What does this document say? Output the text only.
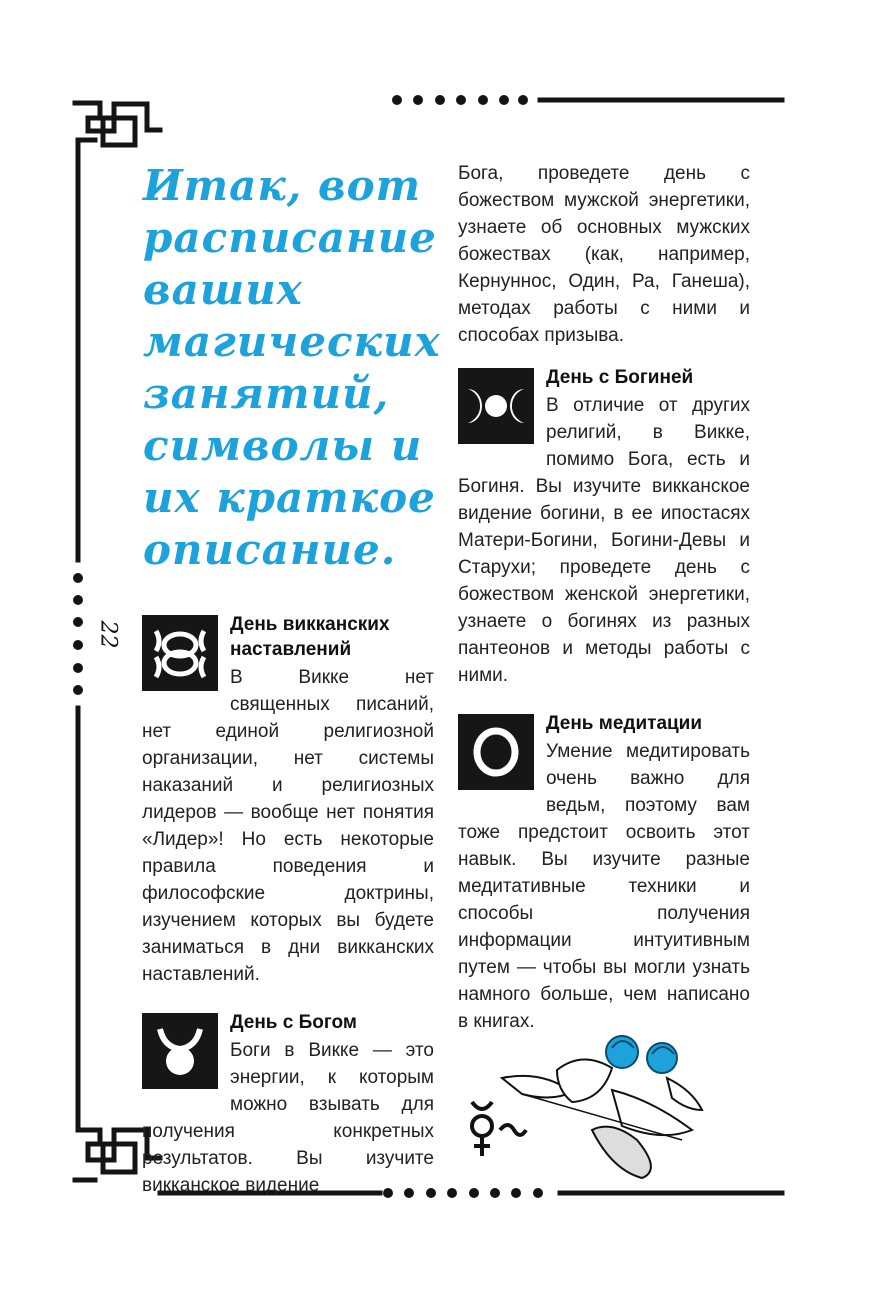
22
Итак, вот расписание ваших магических занятий, символы и их краткое описание.
День викканских наставлений

В Викке нет священных писаний, нет единой религиозной организации, нет системы наказаний и религиозных лидеров — вообще нет понятия «Лидер»! Но есть некоторые правила поведения и философские доктрины, изучением которых вы будете заниматься в дни викканских наставлений.

День с Богом

Боги в Викке — это энергии, к которым можно взывать для получения конкретных результатов. Вы изучите викканское видение

Бога, проведете день с божеством мужской энергетики, узнаете об основных мужских божествах (как, например, Кернуннос, Один, Ра, Ганеша), методах работы с ними и способах призыва.

День с Богиней

В отличие от других религий, в Викке, помимо Бога, есть и Богиня. Вы изучите викканское видение богини, в ее ипостасях Матери-Богини, Богини-Девы и Старухи; проведете день с божеством женской энергетики, узнаете о богинях из разных пантеонов и методы работы с ними.

День медитации

Умение медитировать очень важно для ведьм, поэтому вам тоже предстоит освоить этот навык. Вы изучите разные медитативные техники и способы получения информации интуитивным путем — чтобы вы могли узнать намного больше, чем написано в книгах.
